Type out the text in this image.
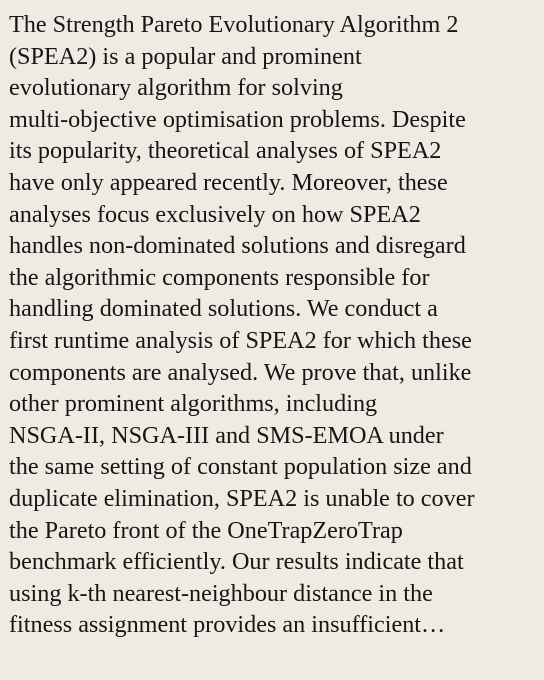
The Strength Pareto Evolutionary Algorithm 2
(SPEA2) is a popular and prominent
evolutionary algorithm for solving
multi-objective optimisation problems. Despite
its popularity, theoretical analyses of SPEA2
have only appeared recently. Moreover, these
analyses focus exclusively on how SPEA2
handles non-dominated solutions and disregard
the algorithmic components responsible for
handling dominated solutions. We conduct a
first runtime analysis of SPEA2 for which these
components are analysed. We prove that, unlike
other prominent algorithms, including
NSGA-II, NSGA-III and SMS-EMOA under
the same setting of constant population size and
duplicate elimination, SPEA2 is unable to cover
the Pareto front of the OneTrapZeroTrap
benchmark efficiently. Our results indicate that
using k-th nearest-neighbour distance in the
fitness assignment provides an insufficient…
